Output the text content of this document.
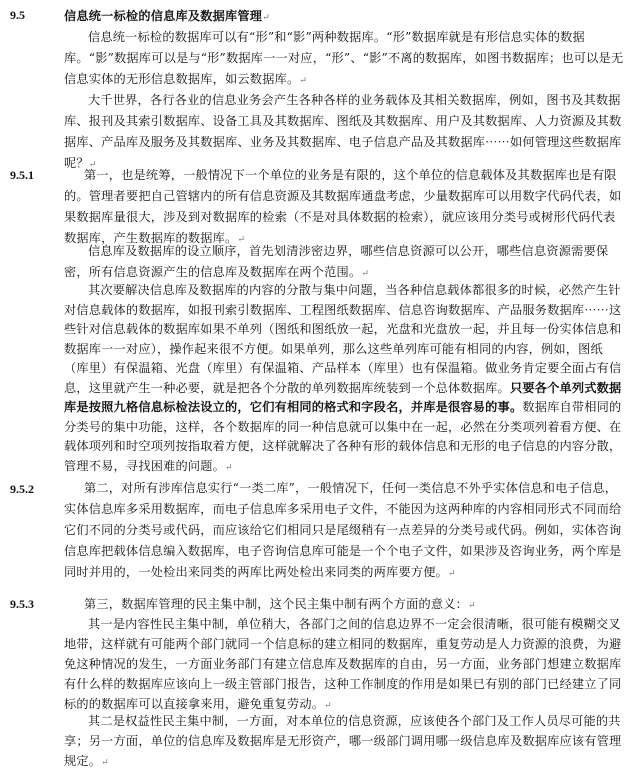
9.5	信息统一标检的信息库及数据库管理↵
信息统一标检的数据库可以有“形”和“影”两种数据库。“形”数据库就是有形信息实体的数据库。“影”数据库可以是与“形”数据库一一对应，“形”、“影”不离的数据库，如图书数据库；也可以是无信息实体的无形信息数据库，如云数据库。↵
大千世界，各行各业的信息业务会产生各种各样的业务载体及其相关数据库，例如，图书及其数据库、报刊及其索引数据库、设备工具及其数据库、图纸及其数据库、用户及其数据库、人力资源及其数据库、产品库及服务及其数据库、业务及其数据库、电子信息产品及其数据库⋯⋯如何管理这些数据库呢？↵
9.5.1	第一，也是统筹，一般情况下一个单位的业务是有限的，这个单位的信息载体及其数据库也是有限的。管理者要把自己管辖内的所有信息资源及其数据库通盘考虑，少量数据库可以用数字代码代表，如果数据库量很大，涉及到对数据库的检索（不是对具体数据的检索），就应该用分类号或树形代码代表数据库，产生数据库的数据库。↵
信息库及数据库的设立顺序，首先划清涉密边界，哪些信息资源可以公开，哪些信息资源需要保密，所有信息资源产生的信息库及数据库在两个范围。↵
其次要解决信息库及数据库的内容的分散与集中问题，当各种信息载体都很多的时候，必然产生针对信息载体的数据库，如报刊索引数据库、工程图纸数据库、信息咨询数据库、产品服务数据库⋯⋯这些针对信息载体的数据库如果不单列（图纸和图纸放一起，光盘和光盘放一起，并且每一份实体信息和数据库一一对应），操作起来很不方便。如果单列，那么这些单列库可能有相同的内容，例如，图纸（库里）有保温箱、光盘（库里）有保温箱、产品样本（库里）也有保温箱。做业务肯定要全面占有信息，这里就产生一种必要，就是把各个分散的单列数据库统装到一个总体数据库。只要各个单列式数据库是按照九格信息标检法设立的，它们有相同的格式和字段名，并库是很容易的事。数据库自带相同的分类号的集中功能，这样，各个数据库的同一种信息就可以集中在一起，必然在分类项列着看方便、在载体项列和时空项列按指取着方便，这样就解决了各种有形的载体信息和无形的电子信息的内容分散，管理不易，寻找困难的问题。↵
9.5.2	第二，对所有涉库信息实行“一类二库”，一般情况下，任何一类信息不外乎实体信息和电子信息，实体信息库多采用数据库，而电子信息库多采用电子文件，不能因为这两种库的内容相同形式不同而给它们不同的分类号或代码，而应该给它们相同只是尾缀稍有一点差异的分类号或代码。例如，实体咨询信息库把载体信息编入数据库，电子咨询信息库可能是一个个电子文件，如果涉及咨询业务，两个库是同时并用的，一处检出来同类的两库比两处检出来同类的两库要方便。↵
9.5.3	第三，数据库管理的民主集中制，这个民主集中制有两个方面的意义：↵
其一是内容性民主集中制，单位稍大，各部门之间的信息边界不一定会很清晰，很可能有模糊交叉地带，这样就有可能两个部门就同一个信息标的建立相同的数据库，重复劳动是人力资源的浪费，为避免这种情况的发生，一方面业务部门有建立信息库及数据库的自由，另一方面，业务部门想建立数据库有什么样的数据库应该向上一级主管部门报告，这种工作制度的作用是如果已有别的部门已经建立了同标的的数据库可以直接拿来用，避免重复劳动。↵
其二是权益性民主集中制，一方面，对本单位的信息资源，应该使各个部门及工作人员尽可能的共享；另一方面，单位的信息库及数据库是无形资产，哪一级部门调用哪一级信息库及数据库应该有管理规定。↵
